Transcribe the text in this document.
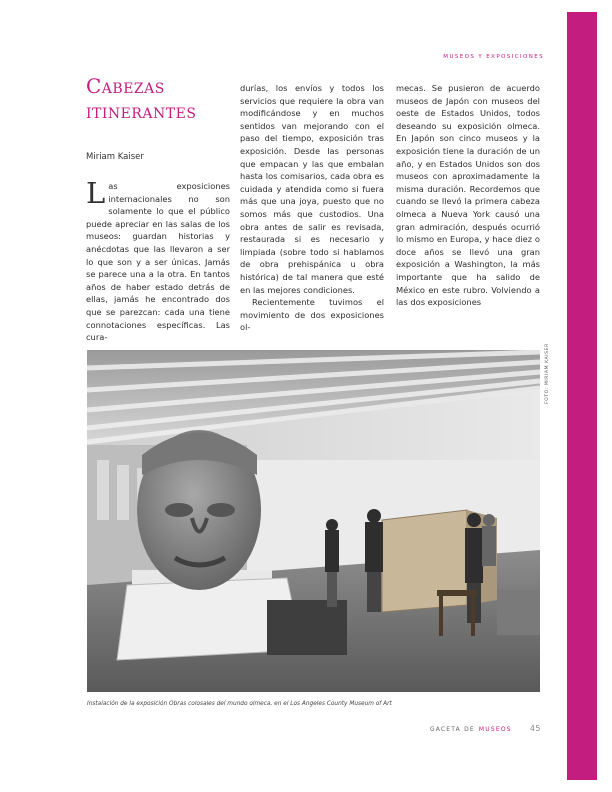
MUSEOS Y EXPOSICIONES
Cabezas itinerantes
Miriam Kaiser

Las exposiciones internacionales no son solamente lo que el público puede apreciar en las salas de los museos: guardan historias y anécdotas que las llevaron a ser lo que son y a ser únicas. Jamás se parece una a la otra. En tantos años de haber estado detrás de ellas, jamás he encontrado dos que se parezcan: cada una tiene connotaciones específicas. Las cura-

durías, los envíos y todos los servicios que requiere la obra van modificándose y en muchos sentidos van mejorando con el paso del tiempo, exposición tras exposición. Desde las personas que empacan y las que embalan hasta los comisarios, cada obra es cuidada y atendida como si fuera más que una joya, puesto que no somos más que custodios. Una obra antes de salir es revisada, restaurada si es necesario y limpiada (sobre todo si hablamos de obra prehispánica u obra histórica) de tal manera que esté en las mejores condiciones.

Recientemente tuvimos el movimiento de dos exposiciones ol-

mecas. Se pusieron de acuerdo museos de Japón con museos del oeste de Estados Unidos, todos deseando su exposición olmeca. En Japón son cinco museos y la exposición tiene la duración de un año, y en Estados Unidos son dos museos con aproximadamente la misma duración. Recordemos que cuando se llevó la primera cabeza olmeca a Nueva York causó una gran admiración, después ocurrió lo mismo en Europa, y hace diez o doce años se llevó una gran exposición a Washington, la más importante que ha salido de México en este rubro. Volviendo a las dos exposiciones

FOTO: MIRIAM KAISER
Instalación de la exposición Obras colosales del mundo olmeca, en el Los Angeles County Museum of Art
GACETA DE MUSEOS 45
